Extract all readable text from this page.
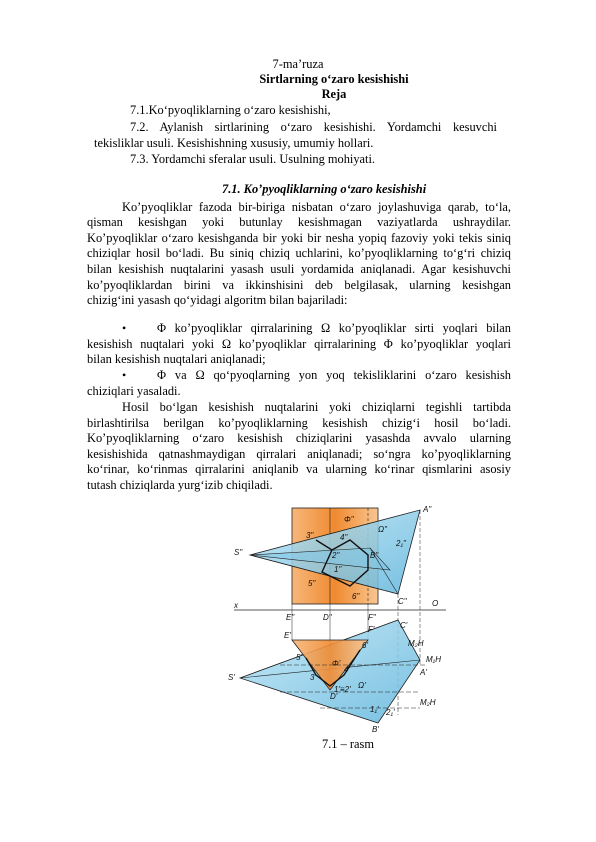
7-ma’ruza
Sirtlarning o‘zaro kesishishi
Reja
7.1.Ko‘pyoqliklarning o‘zaro kesishishi,
7.2. Aylanish sirtlarining o‘zaro kesishishi. Yordamchi kesuvchi
tekisliklar usuli. Kesishishning xususiy, umumiy hollari.
7.3. Yordamchi sferalar usuli. Usulning mohiyati.
7.1. Ko’pyoqliklarning o‘zaro kesishishi
Ko’pyoqliklar fazoda bir-biriga nisbatan o‘zaro joylashuviga qarab, to‘la,
qisman kesishgan yoki butunlay kesishmagan vaziyatlarda ushraydilar.
Ko’pyoqliklar o‘zaro kesishganda bir yoki bir nesha yopiq fazoviy yoki tekis siniq
chiziqlar hosil bo‘ladi. Bu siniq chiziq uchlarini, ko’pyoqliklarning to‘g‘ri chiziq
bilan kesishish nuqtalarini yasash usuli yordamida aniqlanadi. Agar kesishuvchi
ko’pyoqliklardan birini va ikkinshisini deb belgilasak, ularning kesishgan
chizig‘ini yasash qo‘yidagi algoritm bilan bajariladi:
• Φ ko’pyoqliklar qirralarining Ω ko’pyoqliklar sirti yoqlari bilan
kesishish nuqtalari yoki Ω ko’pyoqliklar qirralarining Φ ko’pyoqliklar yoqlari
bilan kesishish nuqtalari aniqlanadi;
• Φ va Ω qo‘pyoqlarning yon yoq tekisliklarini o‘zaro kesishish
chiziqlari yasaladi.
Hosil bo‘lgan kesishish nuqtalarini yoki chiziqlarni tegishli tartibda
birlashtirilsa berilgan ko’pyoqliklarning kesishish chizig‘i hosil bo‘ladi.
Ko’pyoqliklarning o‘zaro kesishish chiziqlarini yasashda avvalo ularning
kesishishida qatnashmaydigan qirralari aniqlanadi; so‘ngra ko’pyoqliklarning
ko‘rinar, ko‘rinmas qirralarini aniqlanib va ularning ko‘rinar qismlarini asosiy
tutash chiziqlarda yurg‘izib chiqiladi.
A"
S"	B"
C"	O
x
E"	D"	F"
Φ"
Ω"
3"	4"
2"
5"
6"
1"
2₁"
S'
E'
F'	C'
A'
B'
D'
5'
6'
3'
4'
1'≡2'
1₁' 2₁'
Φ'
Ω'
M₂H
M₁H
M₂H
7.1 – rasm
